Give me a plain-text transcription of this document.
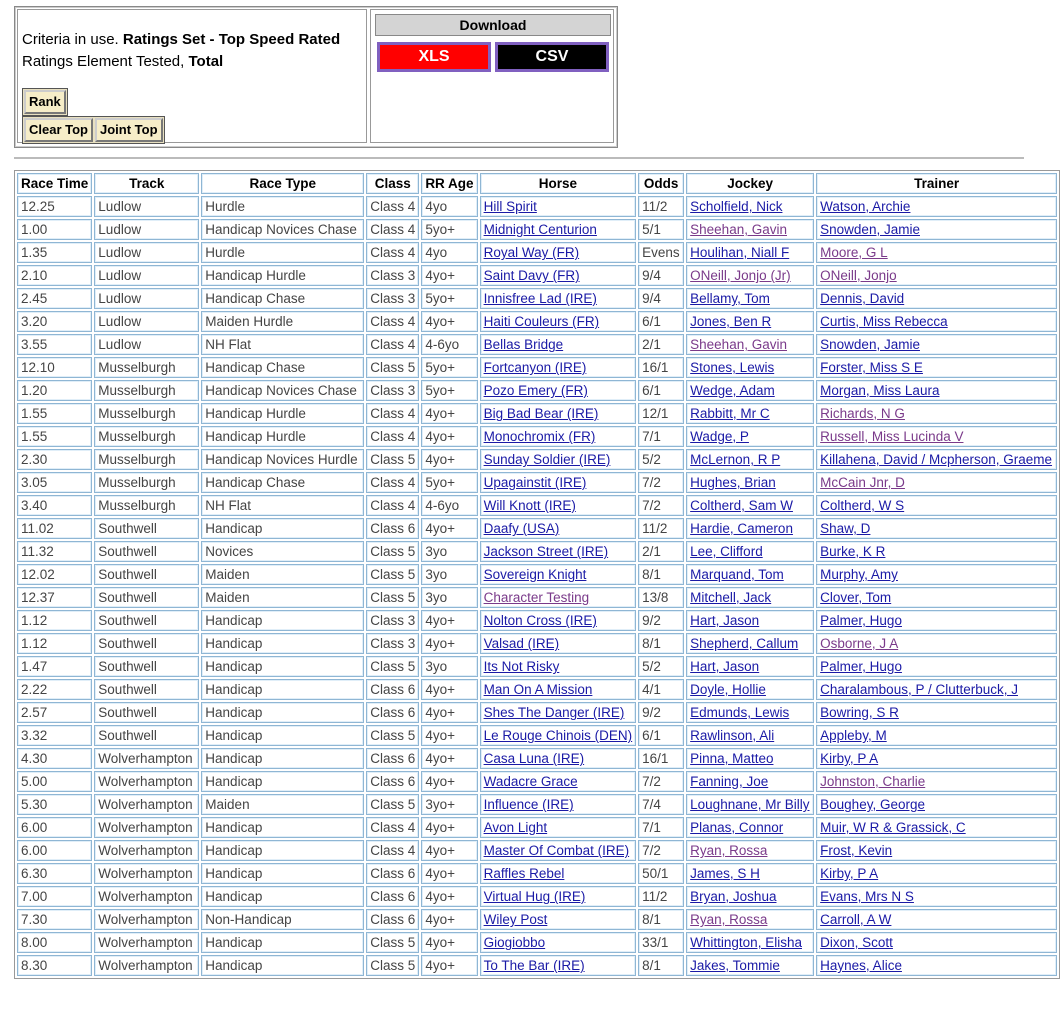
Criteria in use. Ratings Set - Top Speed Rated
Ratings Element Tested, Total
Rank
Clear Top Joint Top
Download
XLS	CSV
Race Time	Track	Race Type	Class	RR Age	Horse	Odds	Jockey	Trainer
12.25	Ludlow	Hurdle	Class 4	4yo	Hill Spirit	11/2	Scholfield, Nick	Watson, Archie
1.00	Ludlow	Handicap Novices Chase	Class 4	5yo+	Midnight Centurion	5/1	Sheehan, Gavin	Snowden, Jamie
1.35	Ludlow	Hurdle	Class 4	4yo	Royal Way (FR)	Evens	Houlihan, Niall F	Moore, G L
2.10	Ludlow	Handicap Hurdle	Class 3	4yo+	Saint Davy (FR)	9/4	ONeill, Jonjo (Jr)	ONeill, Jonjo
2.45	Ludlow	Handicap Chase	Class 3	5yo+	Innisfree Lad (IRE)	9/4	Bellamy, Tom	Dennis, David
3.20	Ludlow	Maiden Hurdle	Class 4	4yo+	Haiti Couleurs (FR)	6/1	Jones, Ben R	Curtis, Miss Rebecca
3.55	Ludlow	NH Flat	Class 4	4-6yo	Bellas Bridge	2/1	Sheehan, Gavin	Snowden, Jamie
12.10	Musselburgh	Handicap Chase	Class 5	5yo+	Fortcanyon (IRE)	16/1	Stones, Lewis	Forster, Miss S E
1.20	Musselburgh	Handicap Novices Chase	Class 3	5yo+	Pozo Emery (FR)	6/1	Wedge, Adam	Morgan, Miss Laura
1.55	Musselburgh	Handicap Hurdle	Class 4	4yo+	Big Bad Bear (IRE)	12/1	Rabbitt, Mr C	Richards, N G
1.55	Musselburgh	Handicap Hurdle	Class 4	4yo+	Monochromix (FR)	7/1	Wadge, P	Russell, Miss Lucinda V
2.30	Musselburgh	Handicap Novices Hurdle	Class 5	4yo+	Sunday Soldier (IRE)	5/2	McLernon, R P	Killahena, David / Mcpherson, Graeme
3.05	Musselburgh	Handicap Chase	Class 4	5yo+	Upagainstit (IRE)	7/2	Hughes, Brian	McCain Jnr, D
3.40	Musselburgh	NH Flat	Class 4	4-6yo	Will Knott (IRE)	7/2	Coltherd, Sam W	Coltherd, W S
11.02	Southwell	Handicap	Class 6	4yo+	Daafy (USA)	11/2	Hardie, Cameron	Shaw, D
11.32	Southwell	Novices	Class 5	3yo	Jackson Street (IRE)	2/1	Lee, Clifford	Burke, K R
12.02	Southwell	Maiden	Class 5	3yo	Sovereign Knight	8/1	Marquand, Tom	Murphy, Amy
12.37	Southwell	Maiden	Class 5	3yo	Character Testing	13/8	Mitchell, Jack	Clover, Tom
1.12	Southwell	Handicap	Class 3	4yo+	Nolton Cross (IRE)	9/2	Hart, Jason	Palmer, Hugo
1.12	Southwell	Handicap	Class 3	4yo+	Valsad (IRE)	8/1	Shepherd, Callum	Osborne, J A
1.47	Southwell	Handicap	Class 5	3yo	Its Not Risky	5/2	Hart, Jason	Palmer, Hugo
2.22	Southwell	Handicap	Class 6	4yo+	Man On A Mission	4/1	Doyle, Hollie	Charalambous, P / Clutterbuck, J
2.57	Southwell	Handicap	Class 6	4yo+	Shes The Danger (IRE)	9/2	Edmunds, Lewis	Bowring, S R
3.32	Southwell	Handicap	Class 5	4yo+	Le Rouge Chinois (DEN)	6/1	Rawlinson, Ali	Appleby, M
4.30	Wolverhampton	Handicap	Class 6	4yo+	Casa Luna (IRE)	16/1	Pinna, Matteo	Kirby, P A
5.00	Wolverhampton	Handicap	Class 6	4yo+	Wadacre Grace	7/2	Fanning, Joe	Johnston, Charlie
5.30	Wolverhampton	Maiden	Class 5	3yo+	Influence (IRE)	7/4	Loughnane, Mr Billy	Boughey, George
6.00	Wolverhampton	Handicap	Class 4	4yo+	Avon Light	7/1	Planas, Connor	Muir, W R & Grassick, C
6.00	Wolverhampton	Handicap	Class 4	4yo+	Master Of Combat (IRE)	7/2	Ryan, Rossa	Frost, Kevin
6.30	Wolverhampton	Handicap	Class 6	4yo+	Raffles Rebel	50/1	James, S H	Kirby, P A
7.00	Wolverhampton	Handicap	Class 6	4yo+	Virtual Hug (IRE)	11/2	Bryan, Joshua	Evans, Mrs N S
7.30	Wolverhampton	Non-Handicap	Class 6	4yo+	Wiley Post	8/1	Ryan, Rossa	Carroll, A W
8.00	Wolverhampton	Handicap	Class 5	4yo+	Giogiobbo	33/1	Whittington, Elisha	Dixon, Scott
8.30	Wolverhampton	Handicap	Class 5	4yo+	To The Bar (IRE)	8/1	Jakes, Tommie	Haynes, Alice
